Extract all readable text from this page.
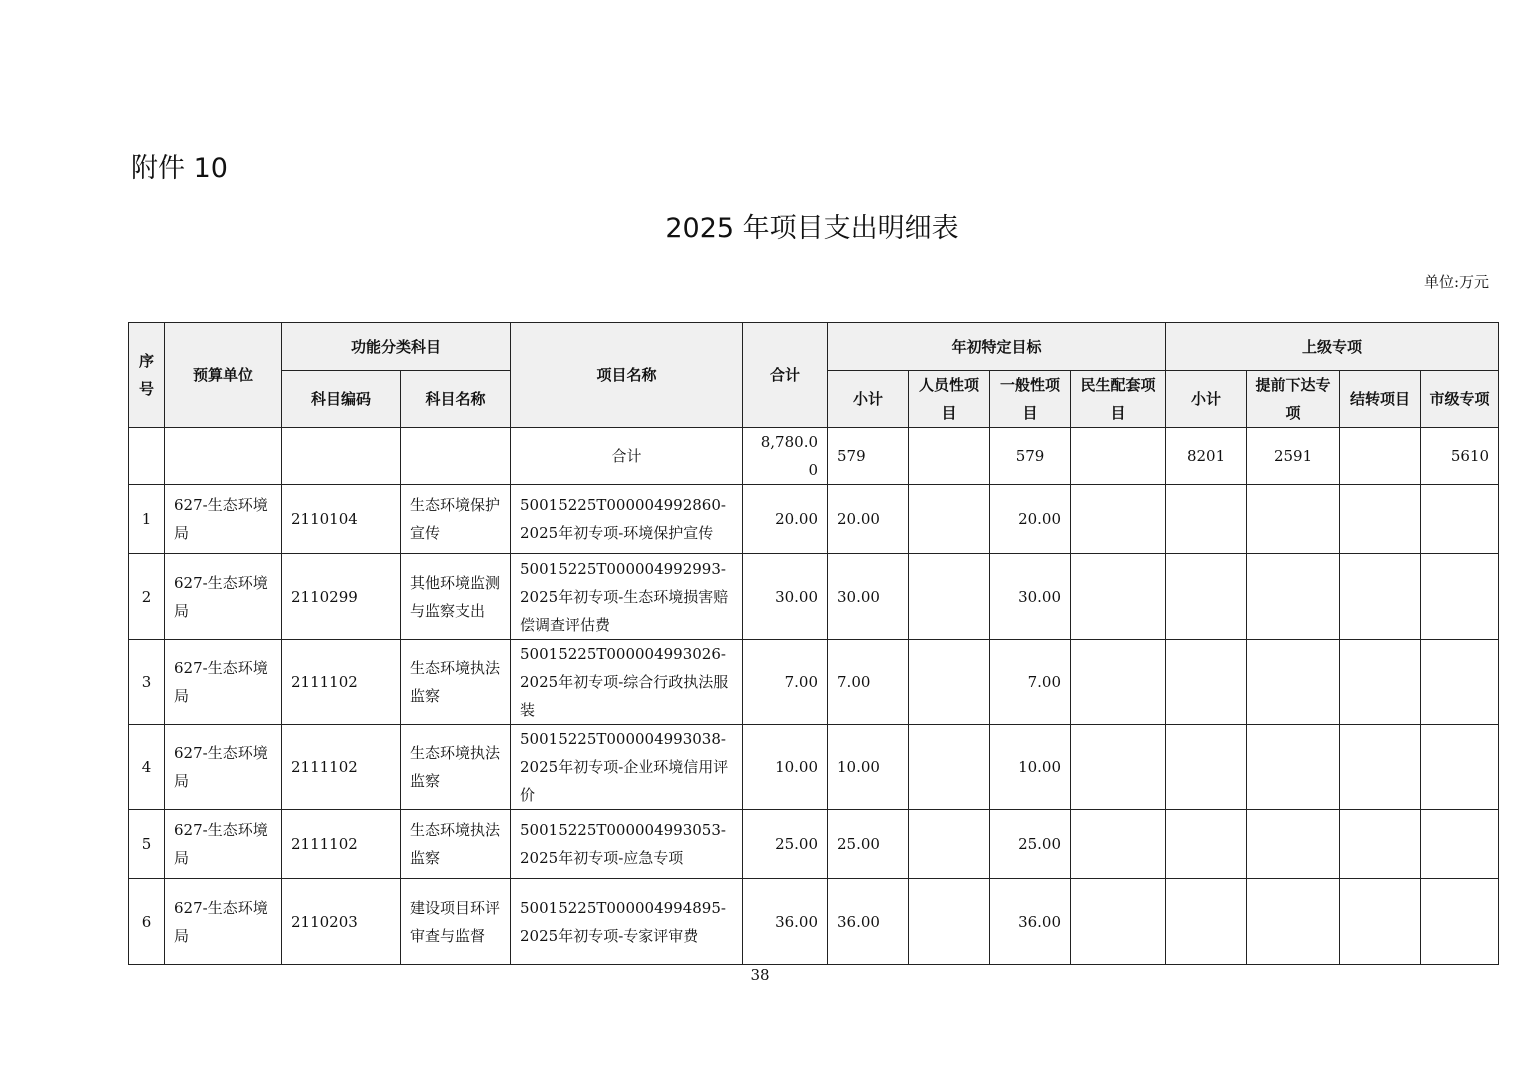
附件 10
2025 年项目支出明细表
单位:万元
序号	预算单位	功能分类科目		项目名称	合计	年初特定目标				上级专项			
		科目编码	科目名称			小计	人员性项目	一般性项目	民生配套项目	小计	提前下达专项	结转项目	市级专项
				合计	8,780.00	579		579		8201	2591		5610
1	627-生态环境局	2110104	生态环境保护宣传	50015225T000004992860-2025年初专项-环境保护宣传	20.00	20.00		20.00					
2	627-生态环境局	2110299	其他环境监测与监察支出	50015225T000004992993-2025年初专项-生态环境损害赔偿调查评估费	30.00	30.00		30.00					
3	627-生态环境局	2111102	生态环境执法监察	50015225T000004993026-2025年初专项-综合行政执法服装	7.00	7.00		7.00					
4	627-生态环境局	2111102	生态环境执法监察	50015225T000004993038-2025年初专项-企业环境信用评价	10.00	10.00		10.00					
5	627-生态环境局	2111102	生态环境执法监察	50015225T000004993053-2025年初专项-应急专项	25.00	25.00		25.00					
6	627-生态环境局	2110203	建设项目环评审查与监督	50015225T000004994895-2025年初专项-专家评审费	36.00	36.00		36.00					
38
